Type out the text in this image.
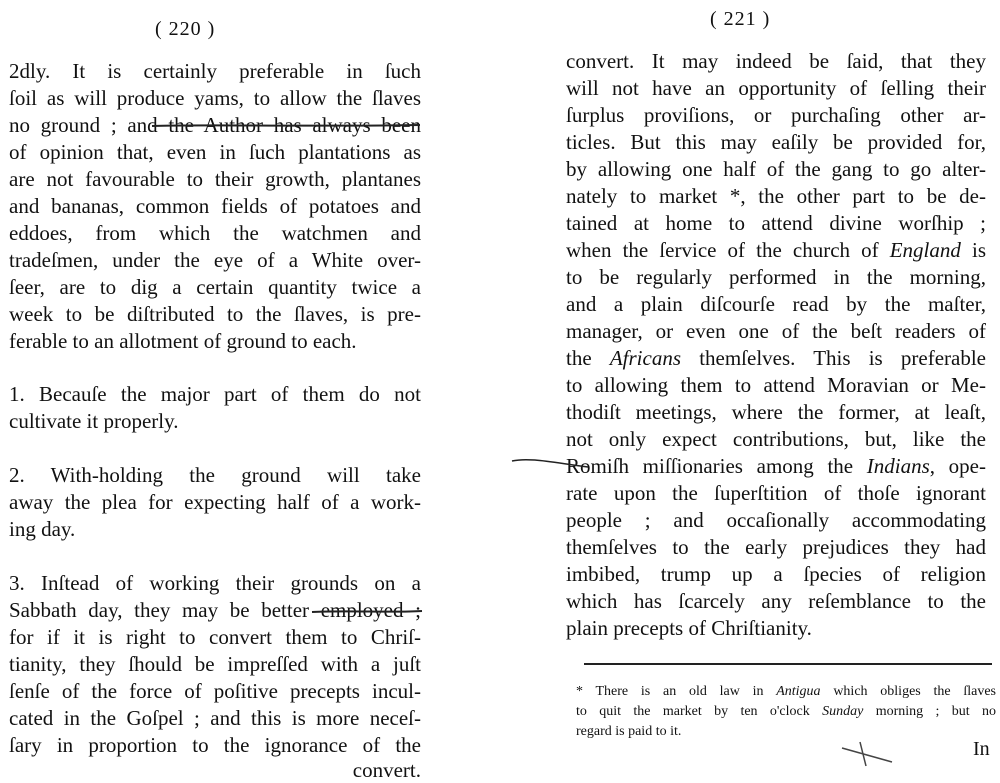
( 220 )
2dly. It is certainly preferable in ſuch
ſoil as will produce yams, to allow the ſlaves
no ground ; and the Author has always been
of opinion that, even in ſuch plantations as
are not favourable to their growth, plantanes
and bananas, common fields of potatoes and
eddoes, from which the watchmen and
tradeſmen, under the eye of a White over-
ſeer, are to dig a certain quantity twice a
week to be diſtributed to the ſlaves, is pre-
ferable to an allotment of ground to each.
1. Becauſe the major part of them do not
cultivate it properly.
2. With-holding the ground will take
away the plea for expecting half of a work-
ing day.
3. Inſtead of working their grounds on a
Sabbath day, they may be better employed ;
for if it is right to convert them to Chriſ-
tianity, they ſhould be impreſſed with a juſt
ſenſe of the force of poſitive precepts incul-
cated in the Goſpel ; and this is more neceſ-
ſary in proportion to the ignorance of the
convert.
( 221 )
convert. It may indeed be ſaid, that they
will not have an opportunity of ſelling their
ſurplus proviſions, or purchaſing other ar-
ticles. But this may eaſily be provided for,
by allowing one half of the gang to go alter-
nately to market *, the other part to be de-
tained at home to attend divine worſhip ;
when the ſervice of the church of England is
to be regularly performed in the morning,
and a plain diſcourſe read by the maſter,
manager, or even one of the beſt readers of
the Africans themſelves. This is preferable
to allowing them to attend Moravian or Me-
thodiſt meetings, where the former, at leaſt,
not only expect contributions, but, like the
Romiſh miſſionaries among the Indians, ope-
rate upon the ſuperſtition of thoſe ignorant
people ; and occaſionally accommodating
themſelves to the early prejudices they had
imbibed, trump up a ſpecies of religion
which has ſcarcely any reſemblance to the
plain precepts of Chriſtianity.
* There is an old law in Antigua which obliges the ſlaves
to quit the market by ten o'clock Sunday morning ; but no
regard is paid to it.
In
